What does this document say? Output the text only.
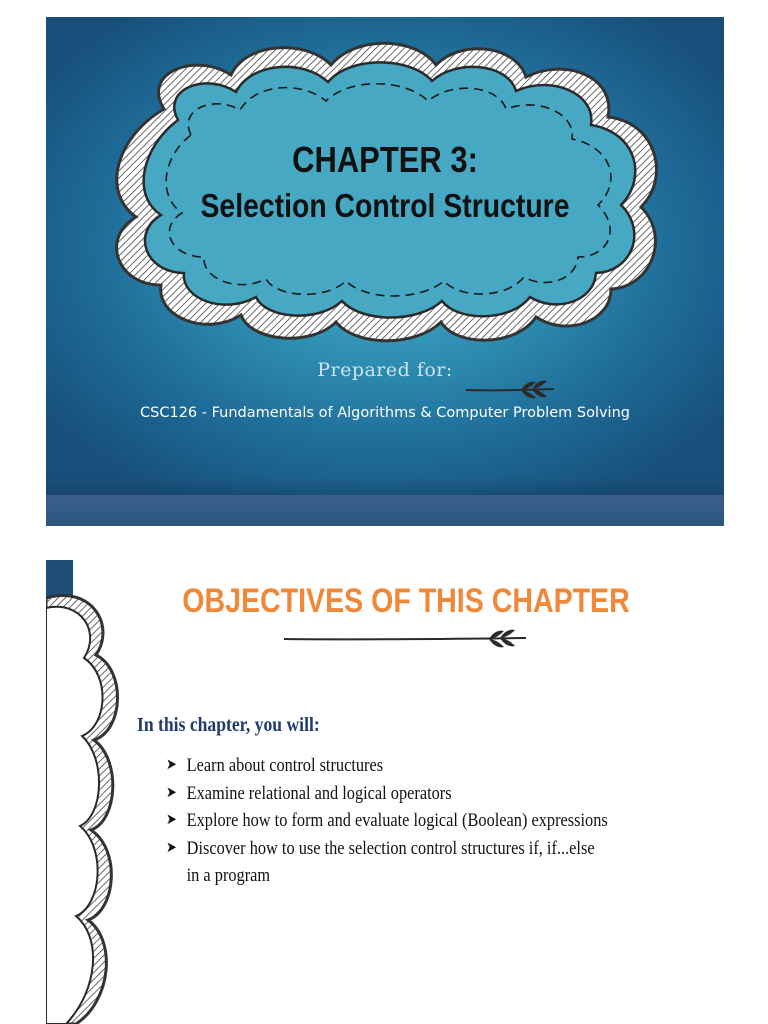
CHAPTER 3:
Selection Control Structure
Prepared for:
CSC126 - Fundamentals of Algorithms & Computer Problem Solving
OBJECTIVES OF THIS CHAPTER
In this chapter, you will:
➤ Learn about control structures
➤ Examine relational and logical operators
➤ Explore how to form and evaluate logical (Boolean) expressions
➤ Discover how to use the selection control structures if, if...else
in a program
